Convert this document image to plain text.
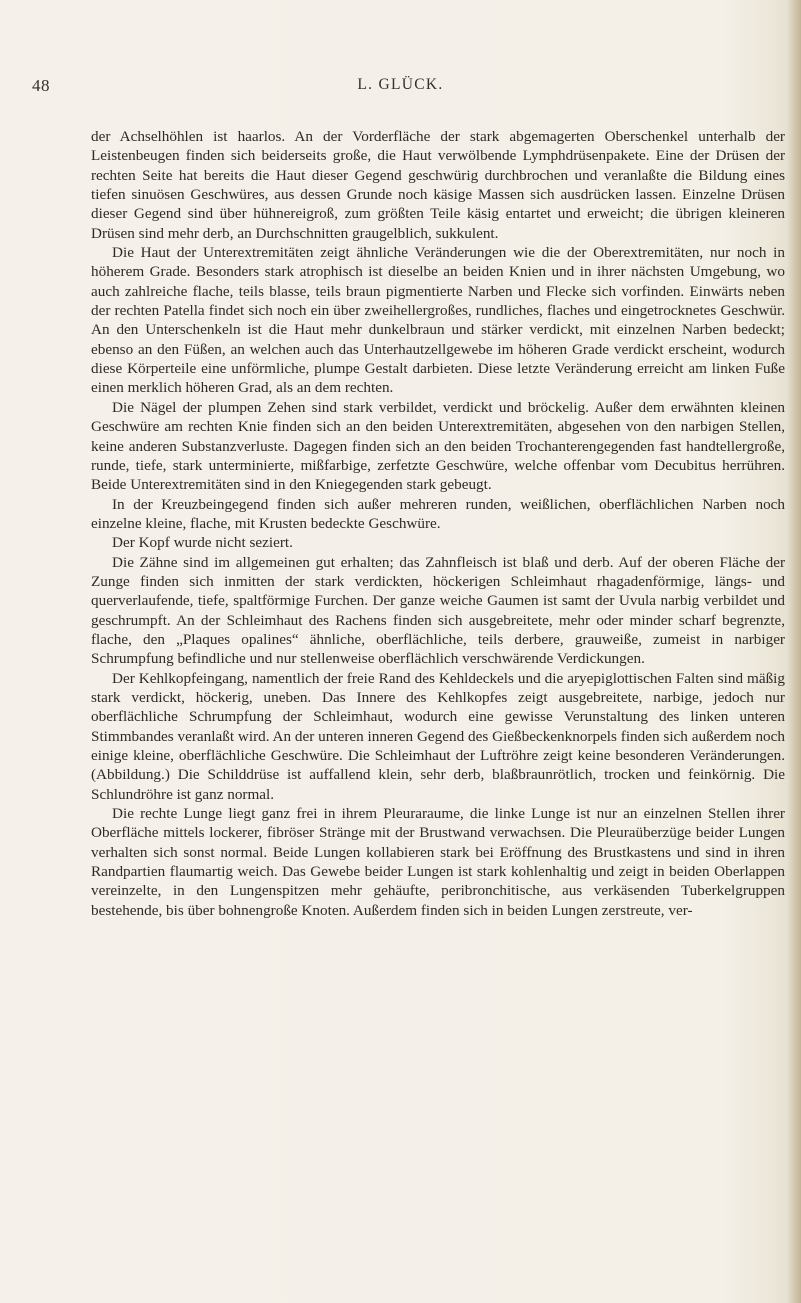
48	L. GLÜCK.

der Achselhöhlen ist haarlos. An der Vorderfläche der stark abgemagerten Oberschenkel unterhalb der Leistenbeugen finden sich beiderseits große, die Haut verwölbende Lymphdrüsenpakete. Eine der Drüsen der rechten Seite hat bereits die Haut dieser Gegend geschwürig durchbrochen und veranlaßte die Bildung eines tiefen sinuösen Geschwüres, aus dessen Grunde noch käsige Massen sich ausdrücken lassen. Einzelne Drüsen dieser Gegend sind über hühnereigroß, zum größten Teile käsig entartet und erweicht; die übrigen kleineren Drüsen sind mehr derb, an Durchschnitten graugelblich, sukkulent.

Die Haut der Unterextremitäten zeigt ähnliche Veränderungen wie die der Oberextremitäten, nur noch in höherem Grade. Besonders stark atrophisch ist dieselbe an beiden Knien und in ihrer nächsten Umgebung, wo auch zahlreiche flache, teils blasse, teils braun pigmentierte Narben und Flecke sich vorfinden. Einwärts neben der rechten Patella findet sich noch ein über zweihellergroßes, rundliches, flaches und eingetrocknetes Geschwür. An den Unterschenkeln ist die Haut mehr dunkelbraun und stärker verdickt, mit einzelnen Narben bedeckt; ebenso an den Füßen, an welchen auch das Unterhautzellgewebe im höheren Grade verdickt erscheint, wodurch diese Körperteile eine unförmliche, plumpe Gestalt darbieten. Diese letzte Veränderung erreicht am linken Fuße einen merklich höheren Grad, als an dem rechten.

Die Nägel der plumpen Zehen sind stark verbildet, verdickt und bröckelig. Außer dem erwähnten kleinen Geschwüre am rechten Knie finden sich an den beiden Unterextremitäten, abgesehen von den narbigen Stellen, keine anderen Substanzverluste. Dagegen finden sich an den beiden Trochanterengegenden fast handtellergroße, runde, tiefe, stark unterminierte, mißfarbige, zerfetzte Geschwüre, welche offenbar vom Decubitus herrühren. Beide Unterextremitäten sind in den Kniegegenden stark gebeugt.

In der Kreuzbeingegend finden sich außer mehreren runden, weißlichen, oberflächlichen Narben noch einzelne kleine, flache, mit Krusten bedeckte Geschwüre.

Der Kopf wurde nicht seziert.

Die Zähne sind im allgemeinen gut erhalten; das Zahnfleisch ist blaß und derb. Auf der oberen Fläche der Zunge finden sich inmitten der stark verdickten, höckerigen Schleimhaut rhagadenförmige, längs- und querverlaufende, tiefe, spaltförmige Furchen. Der ganze weiche Gaumen ist samt der Uvula narbig verbildet und geschrumpft. An der Schleimhaut des Rachens finden sich ausgebreitete, mehr oder minder scharf begrenzte, flache, den „Plaques opalines“ ähnliche, oberflächliche, teils derbere, grauweiße, zumeist in narbiger Schrumpfung befindliche und nur stellenweise oberflächlich verschwärende Verdickungen.

Der Kehlkopfeingang, namentlich der freie Rand des Kehldeckels und die aryepiglottischen Falten sind mäßig stark verdickt, höckerig, uneben. Das Innere des Kehlkopfes zeigt ausgebreitete, narbige, jedoch nur oberflächliche Schrumpfung der Schleimhaut, wodurch eine gewisse Verunstaltung des linken unteren Stimmbandes veranlaßt wird. An der unteren inneren Gegend des Gießbeckenknorpels finden sich außerdem noch einige kleine, oberflächliche Geschwüre. Die Schleimhaut der Luftröhre zeigt keine besonderen Veränderungen. (Abbildung.) Die Schilddrüse ist auffallend klein, sehr derb, blaßbraunrötlich, trocken und feinkörnig. Die Schlundröhre ist ganz normal.

Die rechte Lunge liegt ganz frei in ihrem Pleuraraume, die linke Lunge ist nur an einzelnen Stellen ihrer Oberfläche mittels lockerer, fibröser Stränge mit der Brustwand verwachsen. Die Pleuraüberzüge beider Lungen verhalten sich sonst normal. Beide Lungen kollabieren stark bei Eröffnung des Brustkastens und sind in ihren Randpartien flaumartig weich. Das Gewebe beider Lungen ist stark kohlenhaltig und zeigt in beiden Oberlappen vereinzelte, in den Lungenspitzen mehr gehäufte, peribronchitische, aus verkäsenden Tuberkelgruppen bestehende, bis über bohnengroße Knoten. Außerdem finden sich in beiden Lungen zerstreute, ver-
